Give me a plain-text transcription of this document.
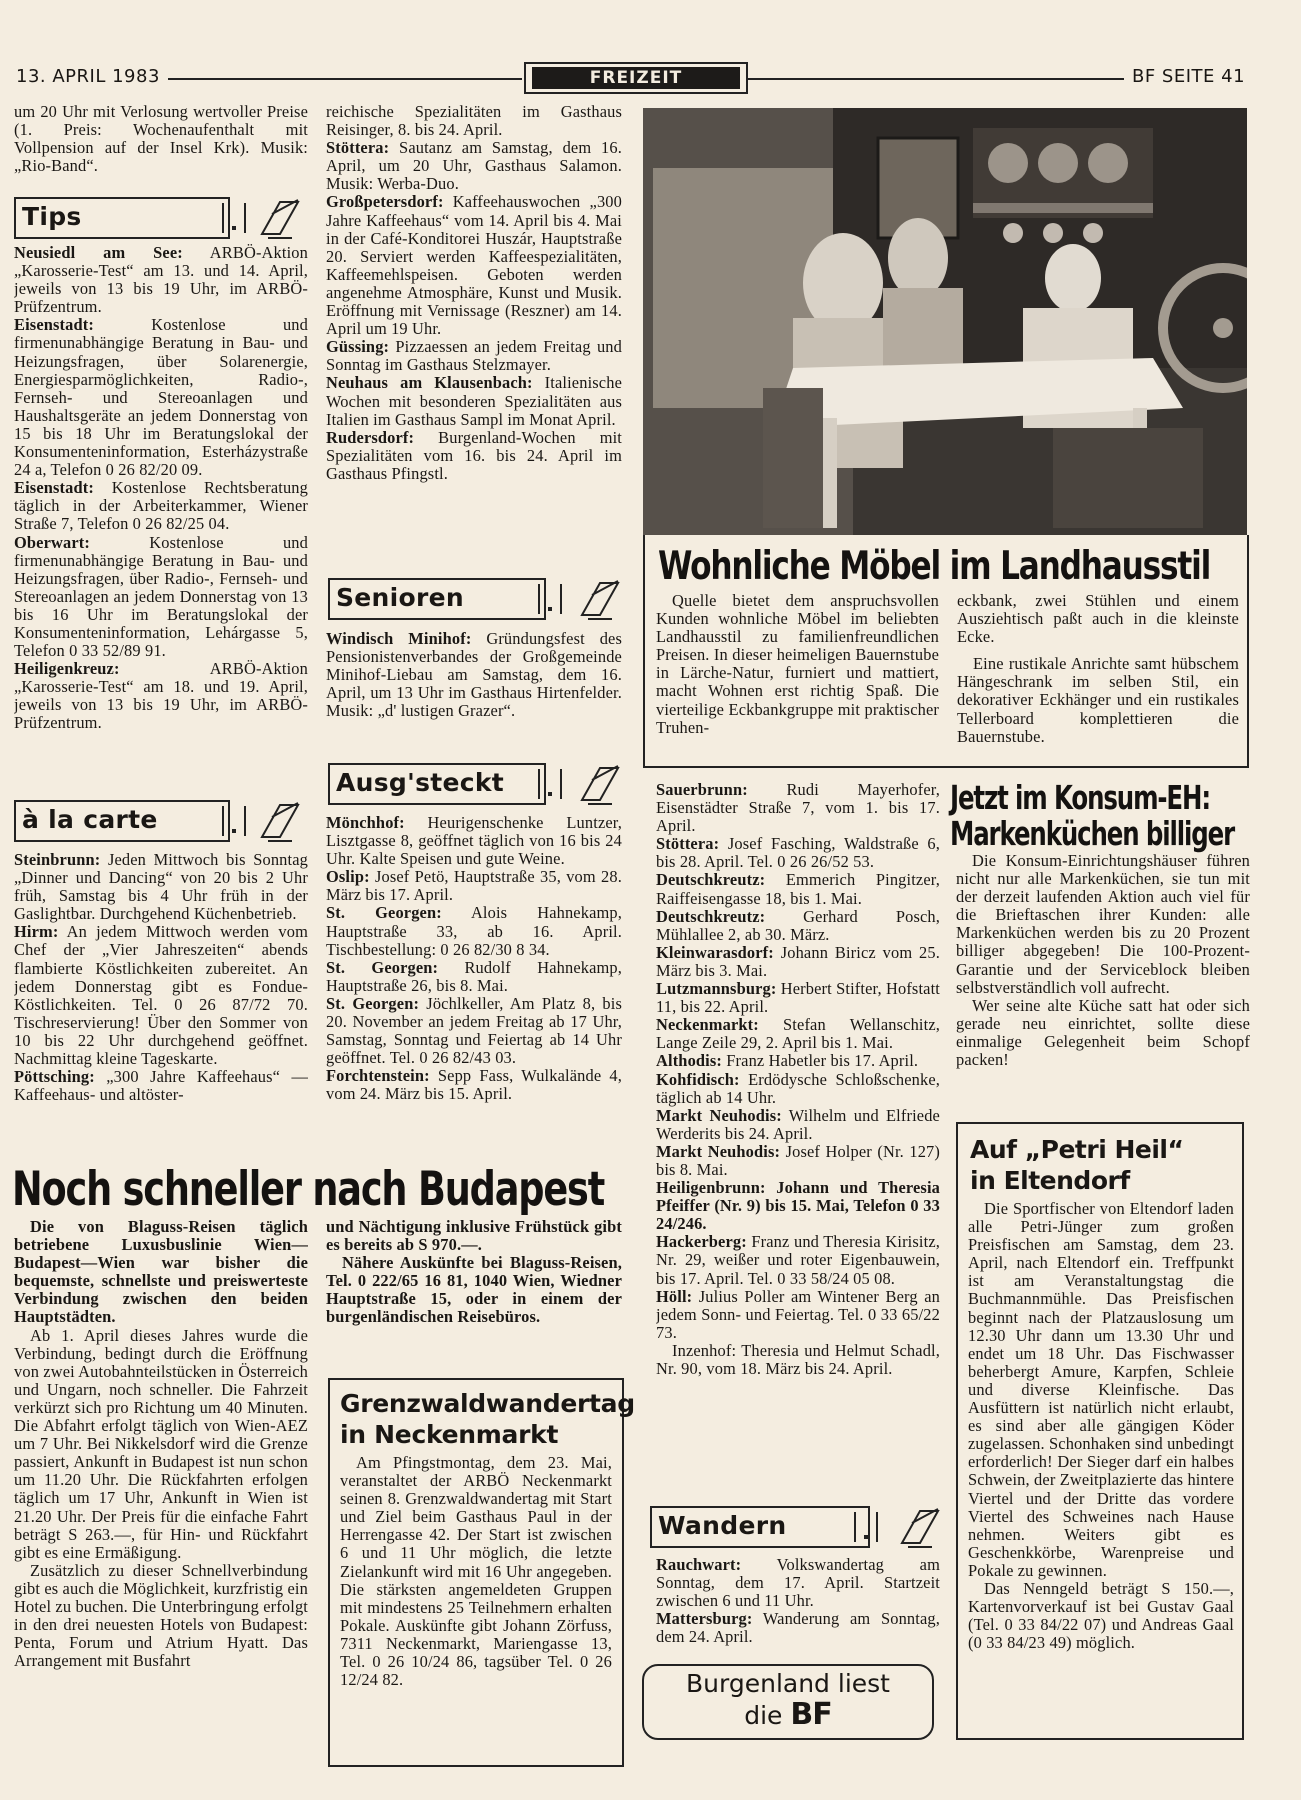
13. APRIL 1983	FREIZEIT	BF SEITE 41

um 20 Uhr mit Verlosung wertvoller Preise (1. Preis: Wochenaufenthalt mit Vollpension auf der Insel Krk). Musik: „Rio-Band“.

Tips

Neusiedl am See: ARBÖ-Aktion „Karosserie-Test“ am 13. und 14. April, jeweils von 13 bis 19 Uhr, im ARBÖ-Prüfzentrum.

Eisenstadt: Kostenlose und firmenunabhängige Beratung in Bau- und Heizungsfragen, über Solarenergie, Energiesparmöglichkeiten, Radio-, Fernseh- und Stereoanlagen und Haushaltsgeräte an jedem Donnerstag von 15 bis 18 Uhr im Beratungslokal der Konsumenteninformation, Esterházystraße 24 a, Telefon 0 26 82/20 09.

Eisenstadt: Kostenlose Rechtsberatung täglich in der Arbeiterkammer, Wiener Straße 7, Telefon 0 26 82/25 04.

Oberwart: Kostenlose und firmenunabhängige Beratung in Bau- und Heizungsfragen, über Radio-, Fernseh- und Stereoanlagen an jedem Donnerstag von 13 bis 16 Uhr im Beratungslokal der Konsumenteninformation, Lehárgasse 5, Telefon 0 33 52/89 91.

Heiligenkreuz: ARBÖ-Aktion „Karosserie-Test“ am 18. und 19. April, jeweils von 13 bis 19 Uhr, im ARBÖ-Prüfzentrum.

à la carte

Steinbrunn: Jeden Mittwoch bis Sonntag „Dinner und Dancing“ von 20 bis 2 Uhr früh, Samstag bis 4 Uhr früh in der Gaslightbar. Durchgehend Küchenbetrieb.

Hirm: An jedem Mittwoch werden vom Chef der „Vier Jahreszeiten“ abends flambierte Köstlichkeiten zubereitet. An jedem Donnerstag gibt es Fondue-Köstlichkeiten. Tel. 0 26 87/72 70. Tischreservierung! Über den Sommer von 10 bis 22 Uhr durchgehend geöffnet. Nachmittag kleine Tageskarte.

Pöttsching: „300 Jahre Kaffeehaus“ — Kaffeehaus- und altöster-

reichische Spezialitäten im Gasthaus Reisinger, 8. bis 24. April.

Stöttera: Sautanz am Samstag, dem 16. April, um 20 Uhr, Gasthaus Salamon. Musik: Werba-Duo.

Großpetersdorf: Kaffeehauswochen „300 Jahre Kaffeehaus“ vom 14. April bis 4. Mai in der Café-Konditorei Huszár, Hauptstraße 20. Serviert werden Kaffeespezialitäten, Kaffeemehlspeisen. Geboten werden angenehme Atmosphäre, Kunst und Musik. Eröffnung mit Vernissage (Reszner) am 14. April um 19 Uhr.

Güssing: Pizzaessen an jedem Freitag und Sonntag im Gasthaus Stelzmayer.

Neuhaus am Klausenbach: Italienische Wochen mit besonderen Spezialitäten aus Italien im Gasthaus Sampl im Monat April.

Rudersdorf: Burgenland-Wochen mit Spezialitäten vom 16. bis 24. April im Gasthaus Pfingstl.

Senioren

Windisch Minihof: Gründungsfest des Pensionistenverbandes der Großgemeinde Minihof-Liebau am Samstag, dem 16. April, um 13 Uhr im Gasthaus Hirtenfelder. Musik: „d' lustigen Grazer“.

Ausg'steckt

Mönchhof: Heurigenschenke Luntzer, Lisztgasse 8, geöffnet täglich von 16 bis 24 Uhr. Kalte Speisen und gute Weine.

Oslip: Josef Petö, Hauptstraße 35, vom 28. März bis 17. April.

St. Georgen: Alois Hahnekamp, Hauptstraße 33, ab 16. April. Tischbestellung: 0 26 82/30 8 34.

St. Georgen: Rudolf Hahnekamp, Hauptstraße 26, bis 8. Mai.

St. Georgen: Jöchlkeller, Am Platz 8, bis 20. November an jedem Freitag ab 17 Uhr, Samstag, Sonntag und Feiertag ab 14 Uhr geöffnet. Tel. 0 26 82/43 03.

Forchtenstein: Sepp Fass, Wulkalände 4, vom 24. März bis 15. April.

Noch schneller nach Budapest

Die von Blaguss-Reisen täglich betriebene Luxusbuslinie Wien—Budapest—Wien war bisher die bequemste, schnellste und preiswerteste Verbindung zwischen den beiden Hauptstädten.

Ab 1. April dieses Jahres wurde die Verbindung, bedingt durch die Eröffnung von zwei Autobahnteilstücken in Österreich und Ungarn, noch schneller. Die Fahrzeit verkürzt sich pro Richtung um 40 Minuten. Die Abfahrt erfolgt täglich von Wien-AEZ um 7 Uhr. Bei Nikkelsdorf wird die Grenze passiert, Ankunft in Budapest ist nun schon um 11.20 Uhr. Die Rückfahrten erfolgen täglich um 17 Uhr, Ankunft in Wien ist 21.20 Uhr. Der Preis für die einfache Fahrt beträgt S 263.—, für Hin- und Rückfahrt gibt es eine Ermäßigung.

Zusätzlich zu dieser Schnellverbindung gibt es auch die Möglichkeit, kurzfristig ein Hotel zu buchen. Die Unterbringung erfolgt in den drei neuesten Hotels von Budapest: Penta, Forum und Atrium Hyatt. Das Arrangement mit Busfahrt

und Nächtigung inklusive Frühstück gibt es bereits ab S 970.—.

Nähere Auskünfte bei Blaguss-Reisen, Tel. 0 222/65 16 81, 1040 Wien, Wiedner Hauptstraße 15, oder in einem der burgenländischen Reisebüros.

Grenzwaldwandertag in Neckenmarkt

Am Pfingstmontag, dem 23. Mai, veranstaltet der ARBÖ Neckenmarkt seinen 8. Grenzwaldwandertag mit Start und Ziel beim Gasthaus Paul in der Herrengasse 42. Der Start ist zwischen 6 und 11 Uhr möglich, die letzte Zielankunft wird mit 16 Uhr angegeben. Die stärksten angemeldeten Gruppen mit mindestens 25 Teilnehmern erhalten Pokale. Auskünfte gibt Johann Zörfuss, 7311 Neckenmarkt, Mariengasse 13, Tel. 0 26 10/24 86, tagsüber Tel. 0 26 12/24 82.

Wohnliche Möbel im Landhausstil

Quelle bietet dem anspruchsvollen Kunden wohnliche Möbel im beliebten Landhausstil zu familienfreundlichen Preisen. In dieser heimeligen Bauernstube in Lärche-Natur, furniert und mattiert, macht Wohnen erst richtig Spaß. Die vierteilige Eckbankgruppe mit praktischer Truhen-

eckbank, zwei Stühlen und einem Ausziehtisch paßt auch in die kleinste Ecke.

Eine rustikale Anrichte samt hübschem Hängeschrank im selben Stil, ein dekorativer Eckhänger und ein rustikales Tellerboard komplettieren die Bauernstube.

Sauerbrunn: Rudi Mayerhofer, Eisenstädter Straße 7, vom 1. bis 17. April.

Stöttera: Josef Fasching, Waldstraße 6, bis 28. April. Tel. 0 26 26/52 53.

Deutschkreutz: Emmerich Pingitzer, Raiffeisengasse 18, bis 1. Mai.

Deutschkreutz: Gerhard Posch, Mühlallee 2, ab 30. März.

Kleinwarasdorf: Johann Biricz vom 25. März bis 3. Mai.

Lutzmannsburg: Herbert Stifter, Hofstatt 11, bis 22. April.

Neckenmarkt: Stefan Wellanschitz, Lange Zeile 29, 2. April bis 1. Mai.

Althodis: Franz Habetler bis 17. April.

Kohfidisch: Erdödysche Schloßschenke, täglich ab 14 Uhr.

Markt Neuhodis: Wilhelm und Elfriede Werderits bis 24. April.

Markt Neuhodis: Josef Holper (Nr. 127) bis 8. Mai.

Heiligenbrunn: Johann und Theresia Pfeiffer (Nr. 9) bis 15. Mai, Telefon 0 33 24/246.

Hackerberg: Franz und Theresia Kirisitz, Nr. 29, weißer und roter Eigenbauwein, bis 17. April. Tel. 0 33 58/24 05 08.

Höll: Julius Poller am Wintener Berg an jedem Sonn- und Feiertag. Tel. 0 33 65/22 73.

Inzenhof: Theresia und Helmut Schadl, Nr. 90, vom 18. März bis 24. April.

Wandern

Rauchwart: Volkswandertag am Sonntag, dem 17. April. Startzeit zwischen 6 und 11 Uhr.

Mattersburg: Wanderung am Sonntag, dem 24. April.

Burgenland liest
die BF
Jetzt im Konsum-EH:
Markenküchen billiger

Die Konsum-Einrichtungshäuser führen nicht nur alle Markenküchen, sie tun mit der derzeit laufenden Aktion auch viel für die Brieftaschen ihrer Kunden: alle Markenküchen werden bis zu 20 Prozent billiger abgegeben! Die 100-Prozent-Garantie und der Serviceblock bleiben selbstverständlich voll aufrecht.

Wer seine alte Küche satt hat oder sich gerade neu einrichtet, sollte diese einmalige Gelegenheit beim Schopf packen!

Auf „Petri Heil“
in Eltendorf

Die Sportfischer von Eltendorf laden alle Petri-Jünger zum großen Preisfischen am Samstag, dem 23. April, nach Eltendorf ein. Treffpunkt ist am Veranstaltungstag die Buchmannmühle. Das Preisfischen beginnt nach der Platzauslosung um 12.30 Uhr dann um 13.30 Uhr und endet um 18 Uhr. Das Fischwasser beherbergt Amure, Karpfen, Schleie und diverse Kleinfische. Das Ausfüttern ist natürlich nicht erlaubt, es sind aber alle gängigen Köder zugelassen. Schonhaken sind unbedingt erforderlich! Der Sieger darf ein halbes Schwein, der Zweitplazierte das hintere Viertel und der Dritte das vordere Viertel des Schweines nach Hause nehmen. Weiters gibt es Geschenkkörbe, Warenpreise und Pokale zu gewinnen.

Das Nenngeld beträgt S 150.—, Kartenvorverkauf ist bei Gustav Gaal (Tel. 0 33 84/22 07) und Andreas Gaal (0 33 84/23 49) möglich.
